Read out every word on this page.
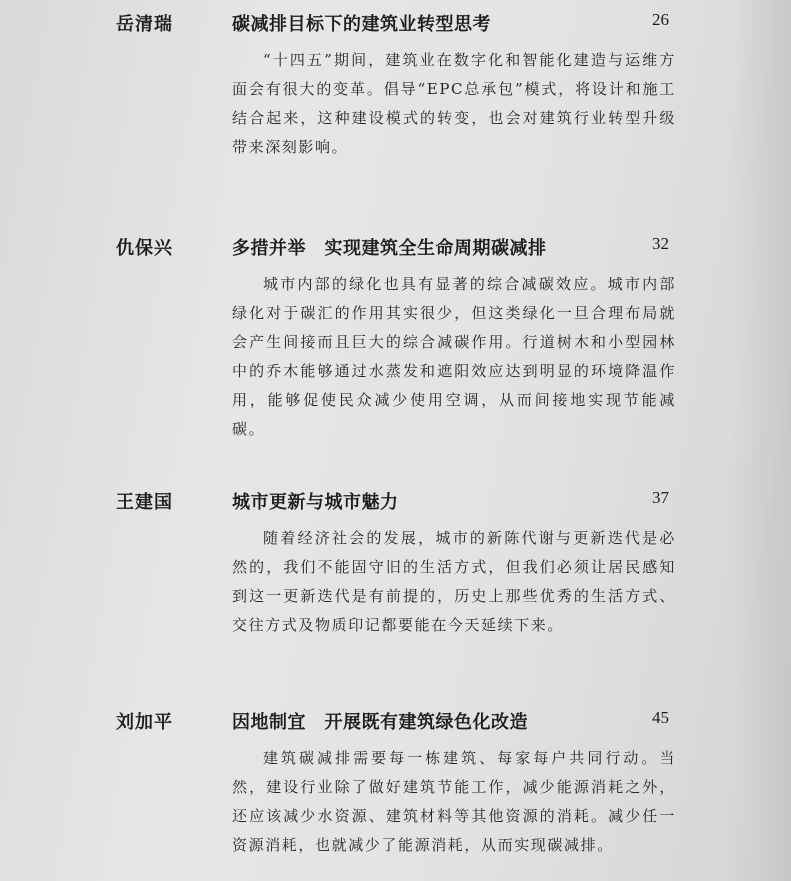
岳清瑞	碳减排目标下的建筑业转型思考	26
“十四五”期间，建筑业在数字化和智能化建造与运维方面会有很大的变革。倡导“EPC总承包”模式，将设计和施工结合起来，这种建设模式的转变，也会对建筑行业转型升级带来深刻影响。
仇保兴	多措并举　实现建筑全生命周期碳减排	32
城市内部的绿化也具有显著的综合减碳效应。城市内部绿化对于碳汇的作用其实很少，但这类绿化一旦合理布局就会产生间接而且巨大的综合减碳作用。行道树木和小型园林中的乔木能够通过水蒸发和遮阳效应达到明显的环境降温作用，能够促使民众减少使用空调，从而间接地实现节能减碳。
王建国	城市更新与城市魅力	37
随着经济社会的发展，城市的新陈代谢与更新迭代是必然的，我们不能固守旧的生活方式，但我们必须让居民感知到这一更新迭代是有前提的，历史上那些优秀的生活方式、交往方式及物质印记都要能在今天延续下来。
刘加平	因地制宜　开展既有建筑绿色化改造	45
建筑碳减排需要每一栋建筑、每家每户共同行动。当然，建设行业除了做好建筑节能工作，减少能源消耗之外，还应该减少水资源、建筑材料等其他资源的消耗。减少任一资源消耗，也就减少了能源消耗，从而实现碳减排。
